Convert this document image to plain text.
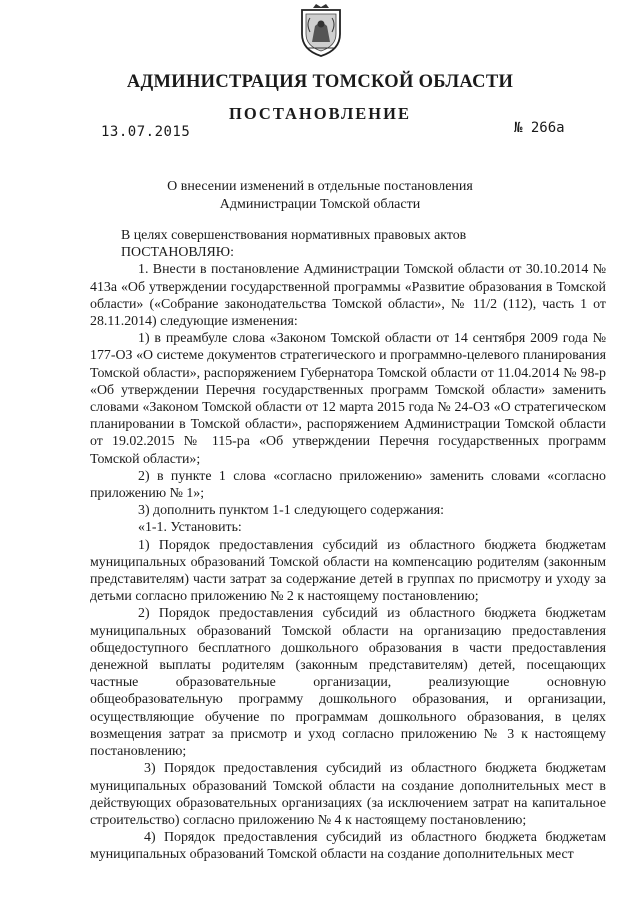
АДМИНИСТРАЦИЯ ТОМСКОЙ ОБЛАСТИ
ПОСТАНОВЛЕНИЕ
13.07.2015	№ 266а
О внесении изменений в отдельные постановления
Администрации Томской области

В целях совершенствования нормативных правовых актов

ПОСТАНОВЛЯЮ:

1. Внести в постановление Администрации Томской области от 30.10.2014 № 413а «Об утверждении государственной программы «Развитие образования в Томской области» («Собрание законодательства Томской области», № 11/2 (112), часть 1 от 28.11.2014) следующие изменения:

1) в преамбуле слова «Законом Томской области от 14 сентября 2009 года № 177-ОЗ «О системе документов стратегического и программно-целевого планирования Томской области», распоряжением Губернатора Томской области от 11.04.2014 № 98-р «Об утверждении Перечня государственных программ Томской области» заменить словами «Законом Томской области от 12 марта 2015 года № 24-ОЗ «О стратегическом планировании в Томской области», распоряжением Администрации Томской области от 19.02.2015 № 115-ра «Об утверждении Перечня государственных программ Томской области»;

2) в пункте 1 слова «согласно приложению» заменить словами «согласно приложению № 1»;

3) дополнить пунктом 1-1 следующего содержания:

«1-1. Установить:

1) Порядок предоставления субсидий из областного бюджета бюджетам муниципальных образований Томской области на компенсацию родителям (законным представителям) части затрат за содержание детей в группах по присмотру и уходу за детьми согласно приложению № 2 к настоящему постановлению;

2) Порядок предоставления субсидий из областного бюджета бюджетам муниципальных образований Томской области на организацию предоставления общедоступного бесплатного дошкольного образования в части предоставления денежной выплаты родителям (законным представителям) детей, посещающих частные образовательные организации, реализующие основную общеобразовательную программу дошкольного образования, и организации, осуществляющие обучение по программам дошкольного образования, в целях возмещения затрат за присмотр и уход согласно приложению № 3 к настоящему постановлению;

3) Порядок предоставления субсидий из областного бюджета бюджетам муниципальных образований Томской области на создание дополнительных мест в действующих образовательных организациях (за исключением затрат на капитальное строительство) согласно приложению № 4 к настоящему постановлению;

4) Порядок предоставления субсидий из областного бюджета бюджетам муниципальных образований Томской области на создание дополнительных мест
